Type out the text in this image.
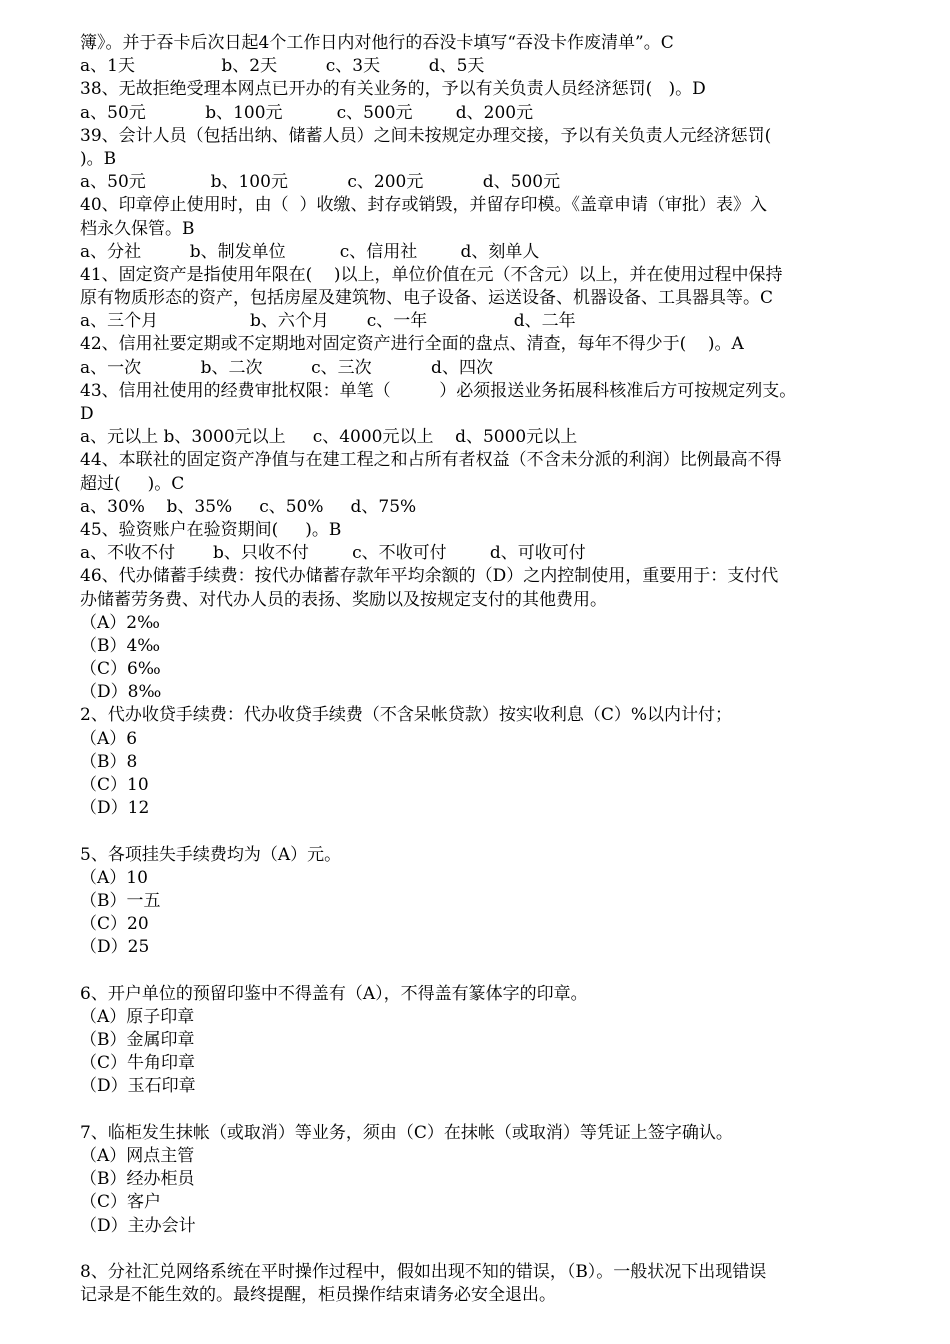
簿》。并于吞卡后次日起4个工作日内对他行的吞没卡填写“吞没卡作废清单”。C
a、1天                b、2天         c、3天         d、5天
38、无故拒绝受理本网点已开办的有关业务的，予以有关负责人员经济惩罚(   )。D
a、50元           b、100元          c、500元        d、200元
39、会计人员（包括出纳、储蓄人员）之间未按规定办理交接，予以有关负责人元经济惩罚(
)。B
a、50元            b、100元           c、200元           d、500元
40、印章停止使用时，由（  ）收缴、封存或销毁，并留存印模。《盖章申请（审批）表》入
档永久保管。B
a、分社         b、制发单位          c、信用社        d、刻单人
41、固定资产是指使用年限在(    )以上，单位价值在元（不含元）以上，并在使用过程中保持
原有物质形态的资产，包括房屋及建筑物、电子设备、运送设备、机器设备、工具器具等。C
a、三个月                 b、六个月       c、一年                d、二年
42、信用社要定期或不定期地对固定资产进行全面的盘点、清查，每年不得少于(    )。A
a、一次           b、二次         c、三次           d、四次
43、信用社使用的经费审批权限：单笔（         ）必须报送业务拓展科核准后方可按规定列支。
D
a、元以上 b、3000元以上     c、4000元以上    d、5000元以上
44、本联社的固定资产净值与在建工程之和占所有者权益（不含未分派的利润）比例最高不得
超过(     )。C
a、30%    b、35%     c、50%     d、75%
45、验资账户在验资期间(     )。B
a、不收不付       b、只收不付        c、不收可付        d、可收可付
46、代办储蓄手续费：按代办储蓄存款年平均余额的（D）之内控制使用，重要用于：支付代
办储蓄劳务费、对代办人员的表扬、奖励以及按规定支付的其他费用。
（A）2‰
（B）4‰
（C）6‰
（D）8‰
2、代办收贷手续费：代办收贷手续费（不含呆帐贷款）按实收利息（C）%以内计付；
（A）6
（B）8
（C）10
（D）12
5、各项挂失手续费均为（A）元。
（A）10
（B）一五
（C）20
（D）25
6、开户单位的预留印鉴中不得盖有（A），不得盖有篆体字的印章。
（A）原子印章
（B）金属印章
（C）牛角印章
（D）玉石印章
7、临柜发生抹帐（或取消）等业务，须由（C）在抹帐（或取消）等凭证上签字确认。
（A）网点主管
（B）经办柜员
（C）客户
（D）主办会计
8、分社汇兑网络系统在平时操作过程中，假如出现不知的错误，（B）。一般状况下出现错误
记录是不能生效的。最终提醒，柜员操作结束请务必安全退出。
